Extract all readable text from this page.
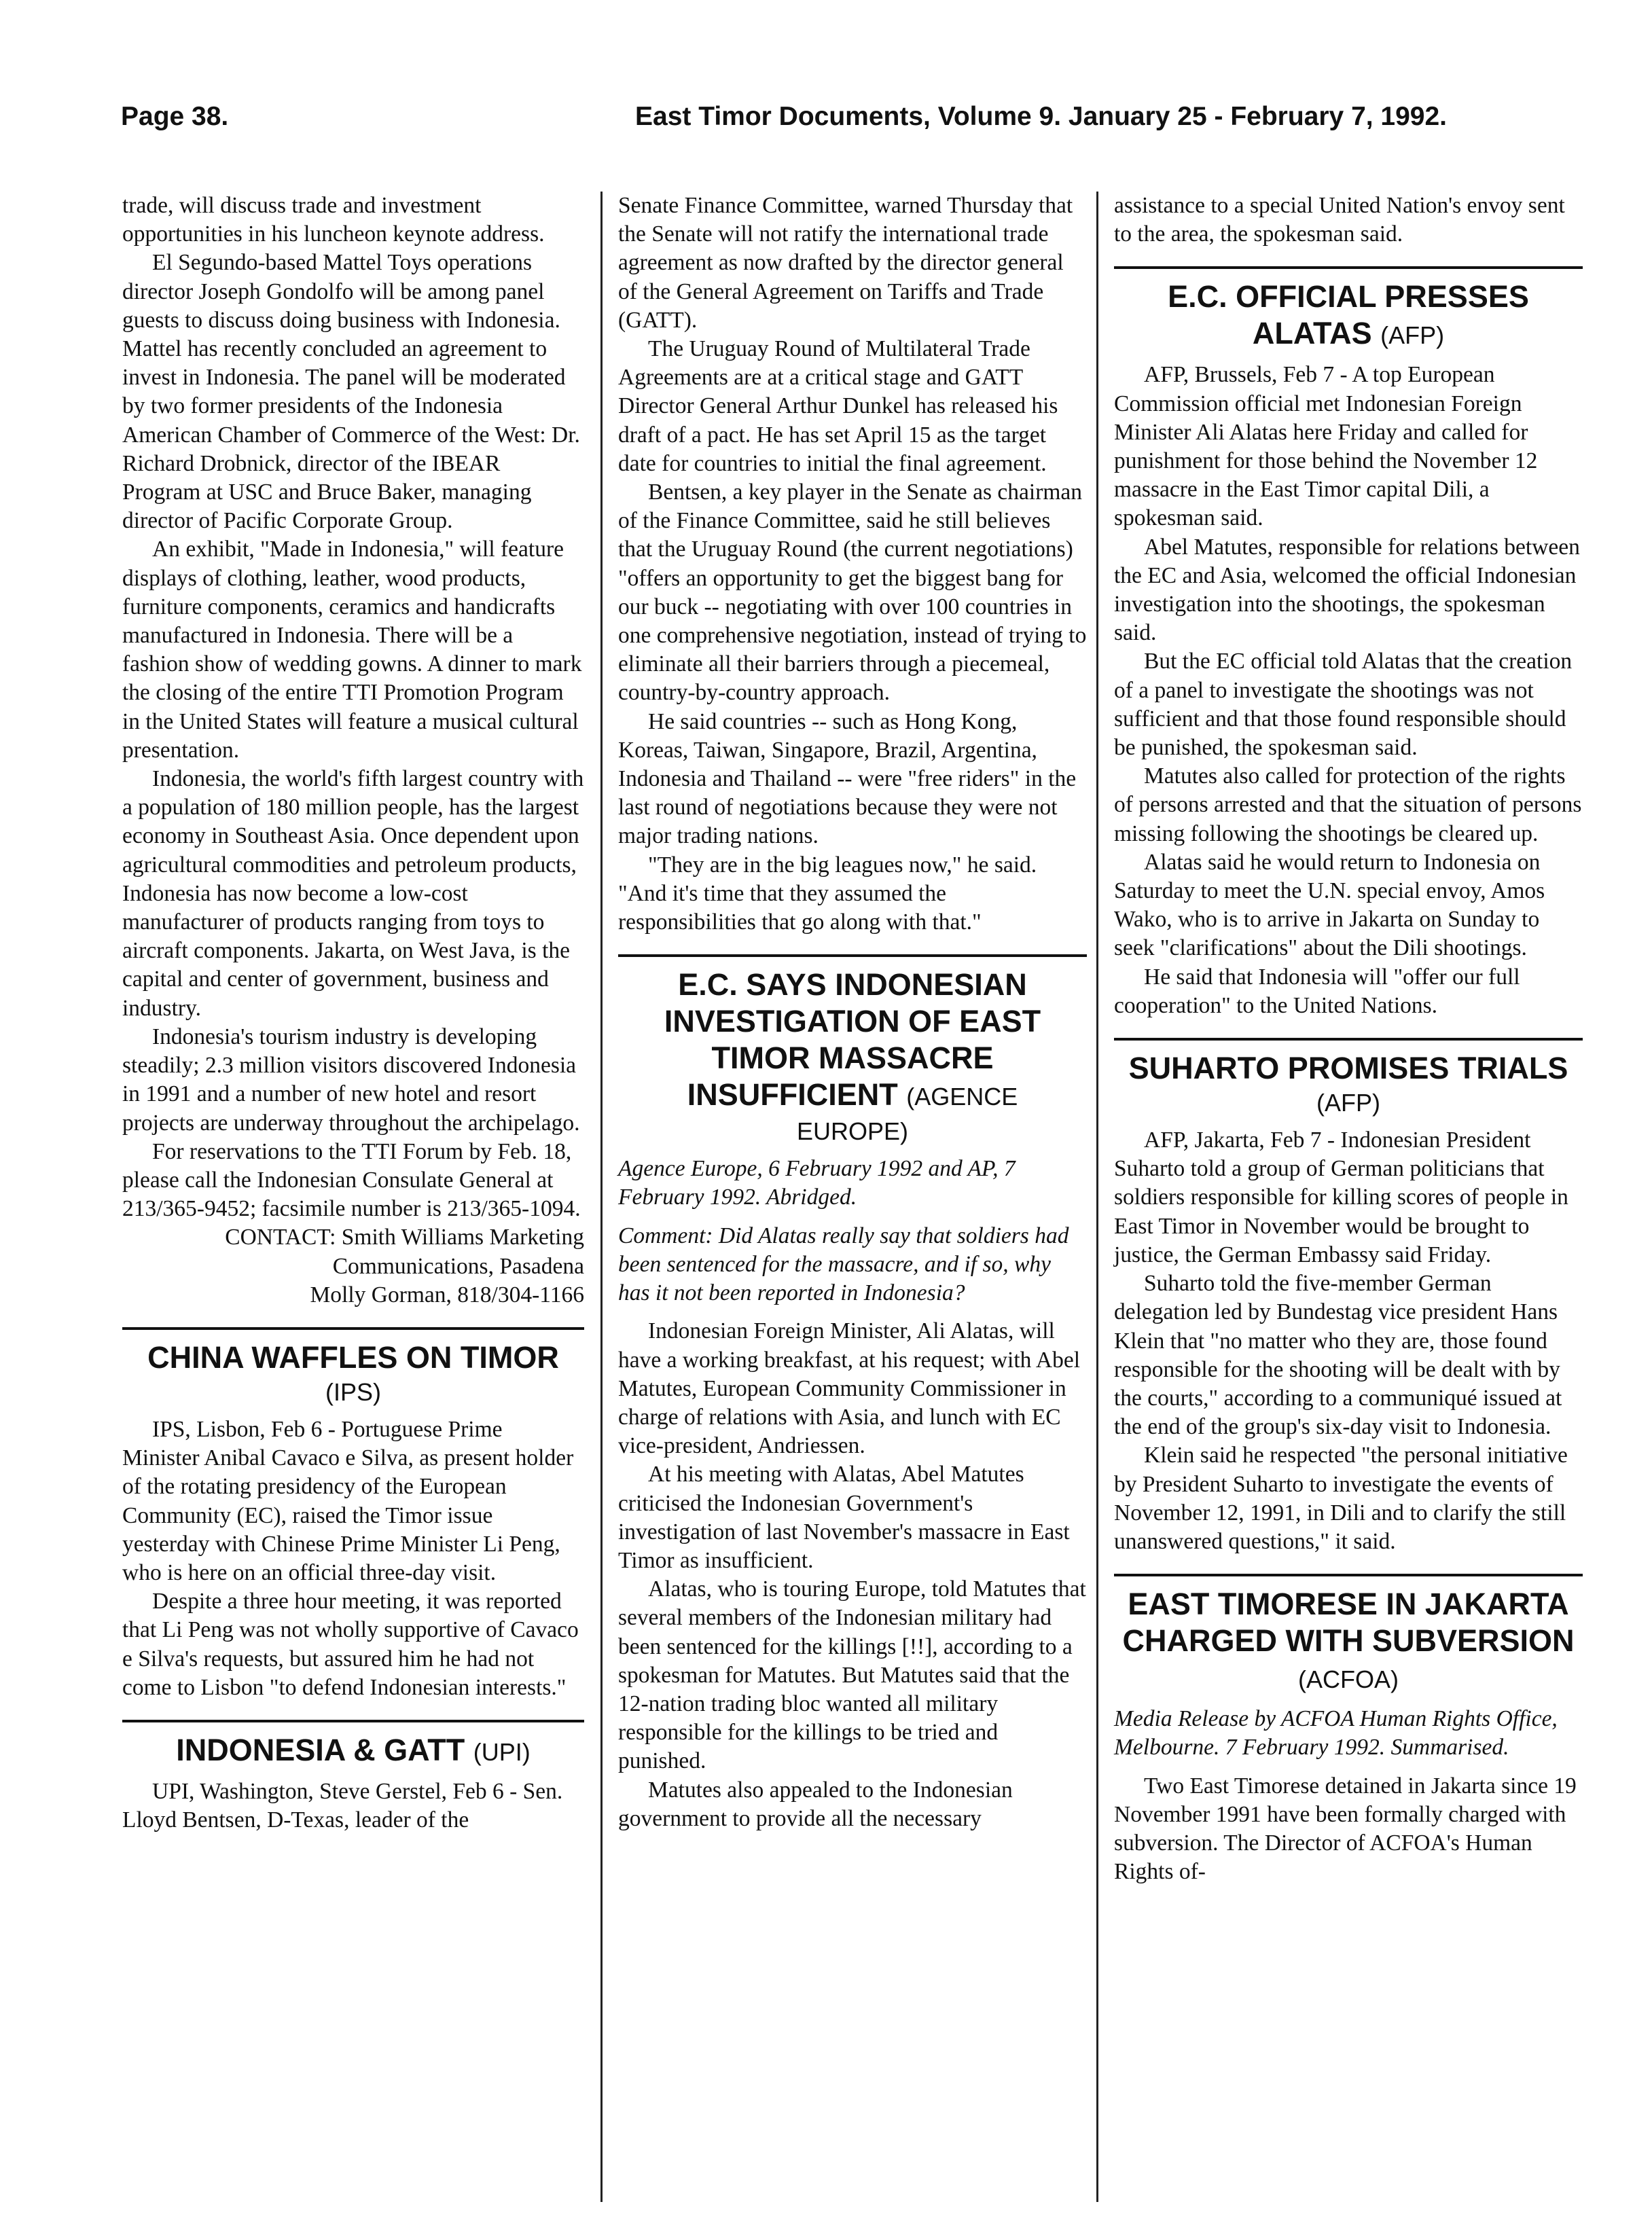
Page 38.	East Timor Documents, Volume 9. January 25 - February 7, 1992.

trade, will discuss trade and investment opportunities in his luncheon keynote address.

El Segundo-based Mattel Toys operations director Joseph Gondolfo will be among panel guests to discuss doing business with Indonesia. Mattel has recently concluded an agreement to invest in Indonesia. The panel will be moderated by two former presidents of the Indonesia American Chamber of Commerce of the West: Dr. Richard Drobnick, director of the IBEAR Program at USC and Bruce Baker, managing director of Pacific Corporate Group.

An exhibit, "Made in Indonesia," will feature displays of clothing, leather, wood products, furniture components, ceramics and handicrafts manufactured in Indonesia. There will be a fashion show of wedding gowns. A dinner to mark the closing of the entire TTI Promotion Program in the United States will feature a musical cultural presentation.

Indonesia, the world's fifth largest country with a population of 180 million people, has the largest economy in Southeast Asia. Once dependent upon agricultural commodities and petroleum products, Indonesia has now become a low-cost manufacturer of products ranging from toys to aircraft components. Jakarta, on West Java, is the capital and center of government, business and industry.

Indonesia's tourism industry is developing steadily; 2.3 million visitors discovered Indonesia in 1991 and a number of new hotel and resort projects are underway throughout the archipelago.

For reservations to the TTI Forum by Feb. 18, please call the Indonesian Consulate General at 213/365-9452; facsimile number is 213/365-1094.

CONTACT: Smith Williams Marketing
Communications, Pasadena
Molly Gorman, 818/304-1166
CHINA WAFFLES ON TIMOR
(IPS)

IPS, Lisbon, Feb 6 - Portuguese Prime Minister Anibal Cavaco e Silva, as present holder of the rotating presidency of the European Community (EC), raised the Timor issue yesterday with Chinese Prime Minister Li Peng, who is here on an official three-day visit.

Despite a three hour meeting, it was reported that Li Peng was not wholly supportive of Cavaco e Silva's requests, but assured him he had not come to Lisbon "to defend Indonesian interests."

INDONESIA & GATT (UPI)

UPI, Washington, Steve Gerstel, Feb 6 - Sen. Lloyd Bentsen, D-Texas, leader of the

Senate Finance Committee, warned Thursday that the Senate will not ratify the international trade agreement as now drafted by the director general of the General Agreement on Tariffs and Trade (GATT).

The Uruguay Round of Multilateral Trade Agreements are at a critical stage and GATT Director General Arthur Dunkel has released his draft of a pact. He has set April 15 as the target date for countries to initial the final agreement.

Bentsen, a key player in the Senate as chairman of the Finance Committee, said he still believes that the Uruguay Round (the current negotiations) "offers an opportunity to get the biggest bang for our buck -- negotiating with over 100 countries in one comprehensive negotiation, instead of trying to eliminate all their barriers through a piecemeal, country-by-country approach.

He said countries -- such as Hong Kong, Koreas, Taiwan, Singapore, Brazil, Argentina, Indonesia and Thailand -- were "free riders" in the last round of negotiations because they were not major trading nations.

"They are in the big leagues now," he said. "And it's time that they assumed the responsibilities that go along with that."

E.C. SAYS INDONESIAN INVESTIGATION OF EAST TIMOR MASSACRE INSUFFICIENT (AGENCE
EUROPE)

Agence Europe, 6 February 1992 and AP, 7 February 1992. Abridged.

Comment: Did Alatas really say that soldiers had been sentenced for the massacre, and if so, why has it not been reported in Indonesia?

Indonesian Foreign Minister, Ali Alatas, will have a working breakfast, at his request; with Abel Matutes, European Community Commissioner in charge of relations with Asia, and lunch with EC vice-president, Andriessen.

At his meeting with Alatas, Abel Matutes criticised the Indonesian Government's investigation of last November's massacre in East Timor as insufficient.

Alatas, who is touring Europe, told Matutes that several members of the Indonesian military had been sentenced for the killings [!!], according to a spokesman for Matutes. But Matutes said that the 12-nation trading bloc wanted all military responsible for the killings to be tried and punished.

Matutes also appealed to the Indonesian government to provide all the necessary

assistance to a special United Nation's envoy sent to the area, the spokesman said.

E.C. OFFICIAL PRESSES ALATAS (AFP)

AFP, Brussels, Feb 7 - A top European Commission official met Indonesian Foreign Minister Ali Alatas here Friday and called for punishment for those behind the November 12 massacre in the East Timor capital Dili, a spokesman said.

Abel Matutes, responsible for relations between the EC and Asia, welcomed the official Indonesian investigation into the shootings, the spokesman said.

But the EC official told Alatas that the creation of a panel to investigate the shootings was not sufficient and that those found responsible should be punished, the spokesman said.

Matutes also called for protection of the rights of persons arrested and that the situation of persons missing following the shootings be cleared up.

Alatas said he would return to Indonesia on Saturday to meet the U.N. special envoy, Amos Wako, who is to arrive in Jakarta on Sunday to seek "clarifications" about the Dili shootings.

He said that Indonesia will "offer our full cooperation" to the United Nations.

SUHARTO PROMISES TRIALS
(AFP)

AFP, Jakarta, Feb 7 - Indonesian President Suharto told a group of German politicians that soldiers responsible for killing scores of people in East Timor in November would be brought to justice, the German Embassy said Friday.

Suharto told the five-member German delegation led by Bundestag vice president Hans Klein that "no matter who they are, those found responsible for the shooting will be dealt with by the courts," according to a communiqué issued at the end of the group's six-day visit to Indonesia.

Klein said he respected "the personal initiative by President Suharto to investigate the events of November 12, 1991, in Dili and to clarify the still unanswered questions," it said.

EAST TIMORESE IN JAKARTA CHARGED WITH SUBVERSION (ACFOA)

Media Release by ACFOA Human Rights Office, Melbourne. 7 February 1992. Summarised.

Two East Timorese detained in Jakarta since 19 November 1991 have been formally charged with subversion. The Director of ACFOA's Human Rights of-
